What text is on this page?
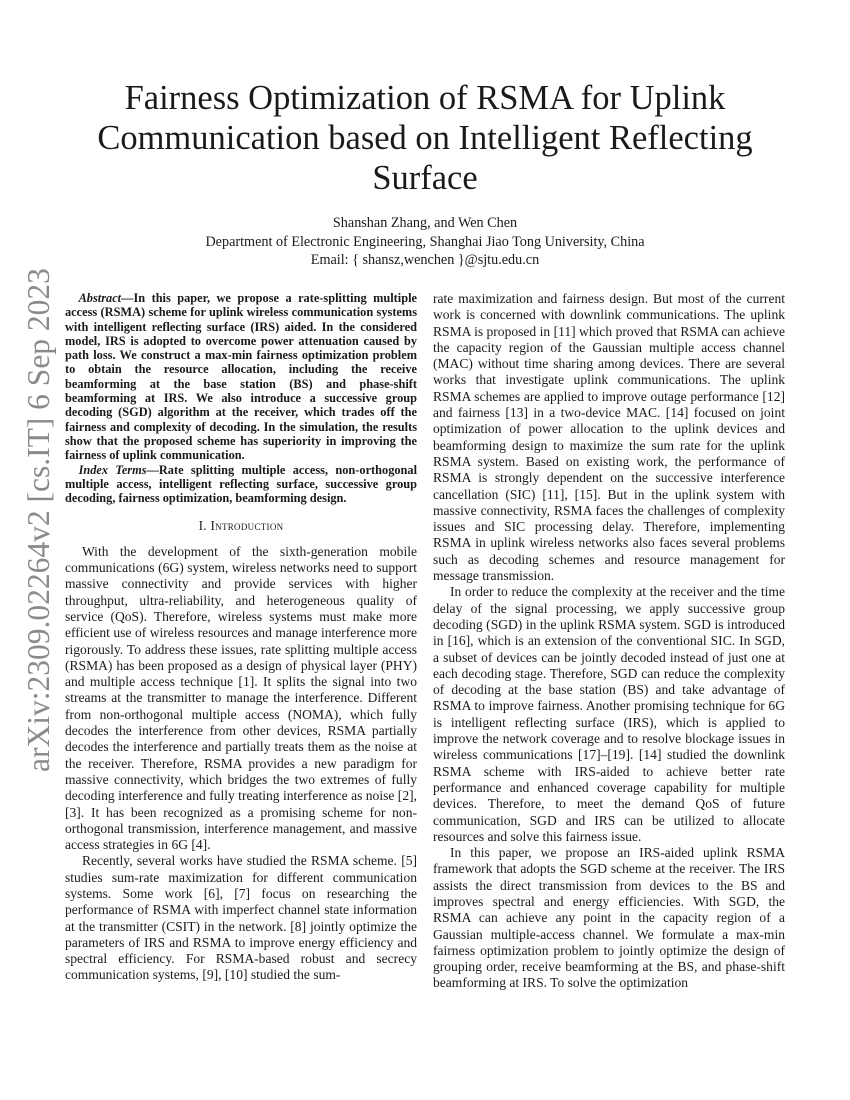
arXiv:2309.02264v2 [cs.IT] 6 Sep 2023
Fairness Optimization of RSMA for Uplink Communication based on Intelligent Reflecting Surface
Shanshan Zhang, and Wen Chen
Department of Electronic Engineering, Shanghai Jiao Tong University, China
Email: { shansz,wenchen }@sjtu.edu.cn

Abstract—In this paper, we propose a rate-splitting multiple access (RSMA) scheme for uplink wireless communication systems with intelligent reflecting surface (IRS) aided. In the considered model, IRS is adopted to overcome power attenuation caused by path loss. We construct a max-min fairness optimization problem to obtain the resource allocation, including the receive beamforming at the base station (BS) and phase-shift beamforming at IRS. We also introduce a successive group decoding (SGD) algorithm at the receiver, which trades off the fairness and complexity of decoding. In the simulation, the results show that the proposed scheme has superiority in improving the fairness of uplink communication.

Index Terms—Rate splitting multiple access, non-orthogonal multiple access, intelligent reflecting surface, successive group decoding, fairness optimization, beamforming design.

I. Introduction

With the development of the sixth-generation mobile communications (6G) system, wireless networks need to support massive connectivity and provide services with higher throughput, ultra-reliability, and heterogeneous quality of service (QoS). Therefore, wireless systems must make more efficient use of wireless resources and manage interference more rigorously. To address these issues, rate splitting multiple access (RSMA) has been proposed as a design of physical layer (PHY) and multiple access technique [1]. It splits the signal into two streams at the transmitter to manage the interference. Different from non-orthogonal multiple access (NOMA), which fully decodes the interference from other devices, RSMA partially decodes the interference and partially treats them as the noise at the receiver. Therefore, RSMA provides a new paradigm for massive connectivity, which bridges the two extremes of fully decoding interference and fully treating interference as noise [2], [3]. It has been recognized as a promising scheme for non-orthogonal transmission, interference management, and massive access strategies in 6G [4].

Recently, several works have studied the RSMA scheme. [5] studies sum-rate maximization for different communication systems. Some work [6], [7] focus on researching the performance of RSMA with imperfect channel state information at the transmitter (CSIT) in the network. [8] jointly optimize the parameters of IRS and RSMA to improve energy efficiency and spectral efficiency. For RSMA-based robust and secrecy communication systems, [9], [10] studied the sum-

rate maximization and fairness design. But most of the current work is concerned with downlink communications. The uplink RSMA is proposed in [11] which proved that RSMA can achieve the capacity region of the Gaussian multiple access channel (MAC) without time sharing among devices. There are several works that investigate uplink communications. The uplink RSMA schemes are applied to improve outage performance [12] and fairness [13] in a two-device MAC. [14] focused on joint optimization of power allocation to the uplink devices and beamforming design to maximize the sum rate for the uplink RSMA system. Based on existing work, the performance of RSMA is strongly dependent on the successive interference cancellation (SIC) [11], [15]. But in the uplink system with massive connectivity, RSMA faces the challenges of complexity issues and SIC processing delay. Therefore, implementing RSMA in uplink wireless networks also faces several problems such as decoding schemes and resource management for message transmission.

In order to reduce the complexity at the receiver and the time delay of the signal processing, we apply successive group decoding (SGD) in the uplink RSMA system. SGD is introduced in [16], which is an extension of the conventional SIC. In SGD, a subset of devices can be jointly decoded instead of just one at each decoding stage. Therefore, SGD can reduce the complexity of decoding at the base station (BS) and take advantage of RSMA to improve fairness. Another promising technique for 6G is intelligent reflecting surface (IRS), which is applied to improve the network coverage and to resolve blockage issues in wireless communications [17]–[19]. [14] studied the downlink RSMA scheme with IRS-aided to achieve better rate performance and enhanced coverage capability for multiple devices. Therefore, to meet the demand QoS of future communication, SGD and IRS can be utilized to allocate resources and solve this fairness issue.

In this paper, we propose an IRS-aided uplink RSMA framework that adopts the SGD scheme at the receiver. The IRS assists the direct transmission from devices to the BS and improves spectral and energy efficiencies. With SGD, the RSMA can achieve any point in the capacity region of a Gaussian multiple-access channel. We formulate a max-min fairness optimization problem to jointly optimize the design of grouping order, receive beamforming at the BS, and phase-shift beamforming at IRS. To solve the optimization
